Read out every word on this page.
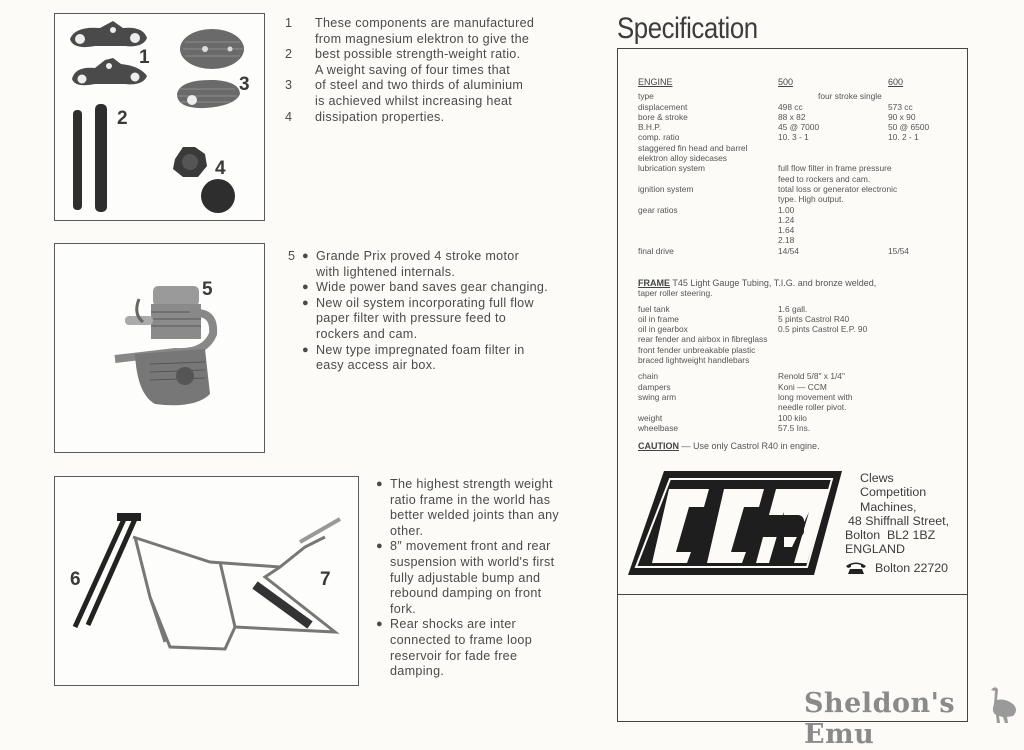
1
2
3
4
1	These components are manufactured
from magnesium elektron to give the
2	best possible strength-weight ratio.
A weight saving of four times that
3	of steel and two thirds of aluminium
is achieved whilst increasing heat
4	dissipation properties.
5
5 ● Grande Prix proved 4 stroke motor
with lightened internals.
● Wide power band saves gear changing.
● New oil system incorporating full flow
paper filter with pressure feed to
rockers and cam.
● New type impregnated foam filter in
easy access air box.
6	7
● The highest strength weight
ratio frame in the world has
better welded joints than any
other.
● 8″ movement front and rear
suspension with world's first
fully adjustable bump and
rebound damping on front
fork.
● Rear shocks are inter
connected to frame loop
reservoir for fade free
damping.
Specification
ENGINE	500	600
type	four stroke single
displacement	498 cc	573 cc
bore & stroke	88 x 82	90 x 90
B.H.P.	45 @ 7000	50 @ 6500
comp. ratio	10. 3 - 1	10. 2 - 1
staggered fin head and barrel
elektron alloy sidecases
lubrication system	full flow filter in frame pressure
feed to rockers and cam.
ignition system	total loss or generator electronic
type. High output.
gear ratios	1.00
1.24
1.64
2.18
final drive	14/54	15/54
FRAME T45 Light Gauge Tubing, T.I.G. and bronze welded,
taper roller steering.
fuel tank	1.6 gall.
oil in frame	5 pints Castrol R40
oil in gearbox	0.5 pints Castrol E.P. 90
rear fender and airbox in fibreglass
front fender unbreakable plastic
braced lightweight handlebars
chain	Renold 5/8" x 1/4"
dampers	Koni — CCM
swing arm	long movement with
needle roller pivot.
weight	100 kilo
wheelbase	57.5 Ins.
CAUTION — Use only Castrol R40 in engine.
Clews
Competition
Machines,
48 Shiffnall Street,
Bolton  BL2 1BZ
ENGLAND
Bolton 22720
Sheldon's Emu
